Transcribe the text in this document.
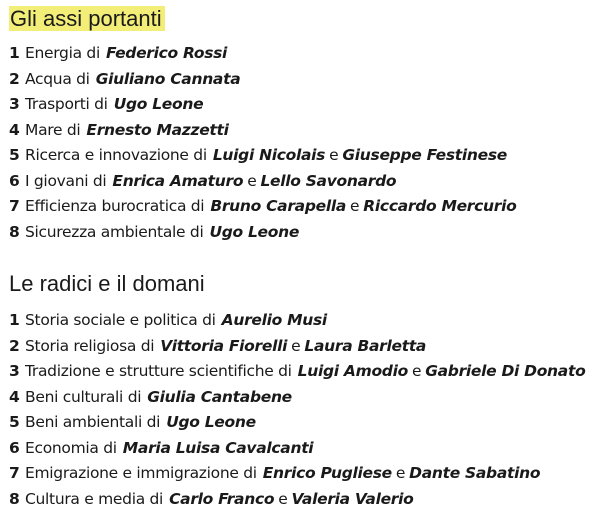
Gli assi portanti
1 Energia di Federico Rossi
2 Acqua di Giuliano Cannata
3 Trasporti di Ugo Leone
4 Mare di Ernesto Mazzetti
5 Ricerca e innovazione di Luigi Nicolais e Giuseppe Festinese
6 I giovani di Enrica Amaturo e Lello Savonardo
7 Efficienza burocratica di Bruno Carapella e Riccardo Mercurio
8 Sicurezza ambientale di Ugo Leone
Le radici e il domani
1 Storia sociale e politica di Aurelio Musi
2 Storia religiosa di Vittoria Fiorelli e Laura Barletta
3 Tradizione e strutture scientifiche di Luigi Amodio e Gabriele Di Donato
4 Beni culturali di Giulia Cantabene
5 Beni ambientali di Ugo Leone
6 Economia di Maria Luisa Cavalcanti
7 Emigrazione e immigrazione di Enrico Pugliese e Dante Sabatino
8 Cultura e media di Carlo Franco e Valeria Valerio
